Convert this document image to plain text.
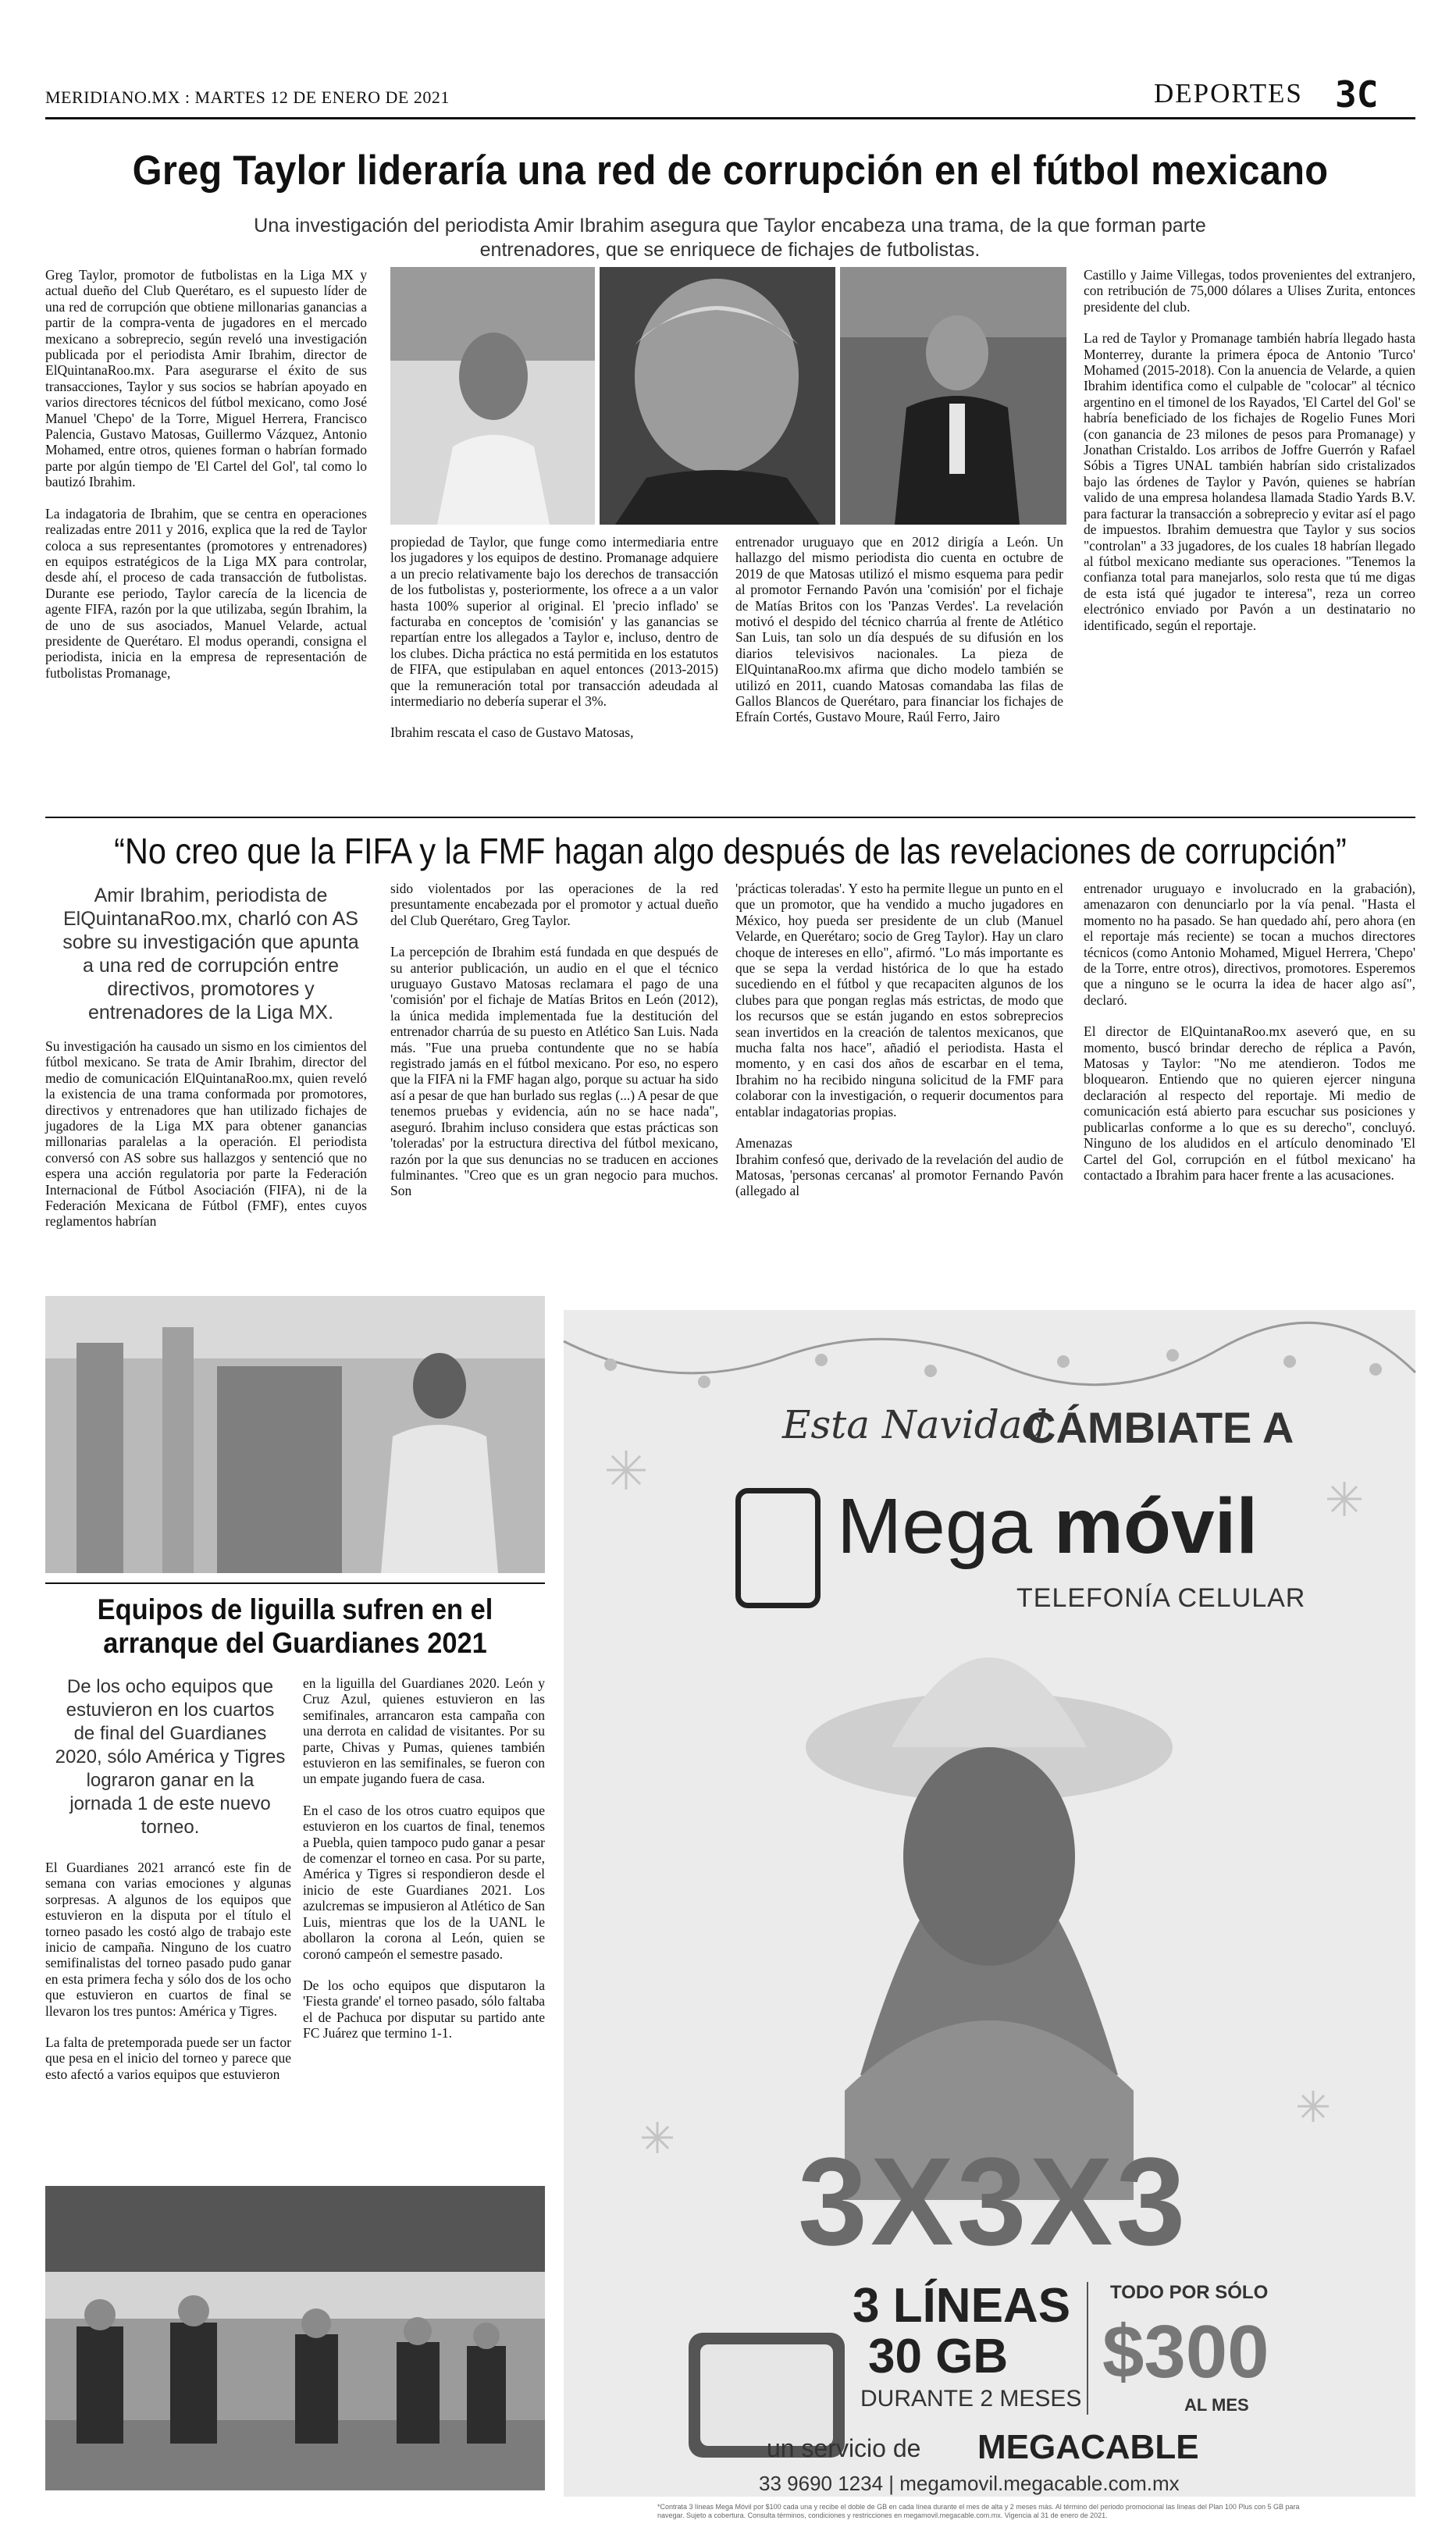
MERIDIANO.MX : MARTES 12 DE ENERO DE 2021	DEPORTES 3C
Greg Taylor lideraría una red de corrupción en el fútbol mexicano
Una investigación del periodista Amir Ibrahim asegura que Taylor encabeza una trama, de la que forman parte entrenadores, que se enriquece de fichajes de futbolistas.

Greg Taylor, promotor de futbolistas en la Liga MX y actual dueño del Club Querétaro, es el supuesto líder de una red de corrupción que obtiene millonarias ganancias a partir de la compra-venta de jugadores en el mercado mexicano a sobreprecio, según reveló una investigación publicada por el periodista Amir Ibrahim, director de ElQuintanaRoo.mx. Para asegurarse el éxito de sus transacciones, Taylor y sus socios se habrían apoyado en varios directores técnicos del fútbol mexicano, como José Manuel 'Chepo' de la Torre, Miguel Herrera, Francisco Palencia, Gustavo Matosas, Guillermo Vázquez, Antonio Mohamed, entre otros, quienes forman o habrían formado parte por algún tiempo de 'El Cartel del Gol', tal como lo bautizó Ibrahim.

La indagatoria de Ibrahim, que se centra en operaciones realizadas entre 2011 y 2016, explica que la red de Taylor coloca a sus representantes (promotores y entrenadores) en equipos estratégicos de la Liga MX para controlar, desde ahí, el proceso de cada transacción de futbolistas. Durante ese periodo, Taylor carecía de la licencia de agente FIFA, razón por la que utilizaba, según Ibrahim, la de uno de sus asociados, Manuel Velarde, actual presidente de Querétaro. El modus operandi, consigna el periodista, inicia en la empresa de representación de futbolistas Promanage,

propiedad de Taylor, que funge como intermediaria entre los jugadores y los equipos de destino. Promanage adquiere a un precio relativamente bajo los derechos de transacción de los futbolistas y, posteriormente, los ofrece a a un valor hasta 100% superior al original. El 'precio inflado' se facturaba en conceptos de 'comisión' y las ganancias se repartían entre los allegados a Taylor e, incluso, dentro de los clubes. Dicha práctica no está permitida en los estatutos de FIFA, que estipulaban en aquel entonces (2013-2015) que la remuneración total por transacción adeudada al intermediario no debería superar el 3%.

Ibrahim rescata el caso de Gustavo Matosas,

entrenador uruguayo que en 2012 dirigía a León. Un hallazgo del mismo periodista dio cuenta en octubre de 2019 de que Matosas utilizó el mismo esquema para pedir al promotor Fernando Pavón una 'comisión' por el fichaje de Matías Britos con los 'Panzas Verdes'. La revelación motivó el despido del técnico charrúa al frente de Atlético San Luis, tan solo un día después de su difusión en los diarios televisivos nacionales. La pieza de ElQuintanaRoo.mx afirma que dicho modelo también se utilizó en 2011, cuando Matosas comandaba las filas de Gallos Blancos de Querétaro, para financiar los fichajes de Efraín Cortés, Gustavo Moure, Raúl Ferro, Jairo

Castillo y Jaime Villegas, todos provenientes del extranjero, con retribución de 75,000 dólares a Ulises Zurita, entonces presidente del club.

La red de Taylor y Promanage también habría llegado hasta Monterrey, durante la primera época de Antonio 'Turco' Mohamed (2015-2018). Con la anuencia de Velarde, a quien Ibrahim identifica como el culpable de "colocar" al técnico argentino en el timonel de los Rayados, 'El Cartel del Gol' se habría beneficiado de los fichajes de Rogelio Funes Mori (con ganancia de 23 milones de pesos para Promanage) y Jonathan Cristaldo. Los arribos de Joffre Guerrón y Rafael Sóbis a Tigres UNAL también habrían sido cristalizados bajo las órdenes de Taylor y Pavón, quienes se habrían valido de una empresa holandesa llamada Stadio Yards B.V. para facturar la transacción a sobreprecio y evitar así el pago de impuestos. Ibrahim demuestra que Taylor y sus socios "controlan" a 33 jugadores, de los cuales 18 habrían llegado al fútbol mexicano mediante sus operaciones. "Tenemos la confianza total para manejarlos, solo resta que tú me digas de esta istá qué jugador te interesa", reza un correo electrónico enviado por Pavón a un destinatario no identificado, según el reportaje.

“No creo que la FIFA y la FMF hagan algo después de las revelaciones de corrupción”
Amir Ibrahim, periodista de ElQuintanaRoo.mx, charló con AS sobre su investigación que apunta a una red de corrupción entre directivos, promotores y entrenadores de la Liga MX.

Su investigación ha causado un sismo en los cimientos del fútbol mexicano. Se trata de Amir Ibrahim, director del medio de comunicación ElQuintanaRoo.mx, quien reveló la existencia de una trama conformada por promotores, directivos y entrenadores que han utilizado fichajes de jugadores de la Liga MX para obtener ganancias millonarias paralelas a la operación. El periodista conversó con AS sobre sus hallazgos y sentenció que no espera una acción regulatoria por parte la Federación Internacional de Fútbol Asociación (FIFA), ni de la Federación Mexicana de Fútbol (FMF), entes cuyos reglamentos habrían

sido violentados por las operaciones de la red presuntamente encabezada por el promotor y actual dueño del Club Querétaro, Greg Taylor.

La percepción de Ibrahim está fundada en que después de su anterior publicación, un audio en el que el técnico uruguayo Gustavo Matosas reclamara el pago de una 'comisión' por el fichaje de Matías Britos en León (2012), la única medida implementada fue la destitución del entrenador charrúa de su puesto en Atlético San Luis. Nada más. "Fue una prueba contundente que no se había registrado jamás en el fútbol mexicano. Por eso, no espero que la FIFA ni la FMF hagan algo, porque su actuar ha sido así a pesar de que han burlado sus reglas (...) A pesar de que tenemos pruebas y evidencia, aún no se hace nada", aseguró. Ibrahim incluso considera que estas prácticas son 'toleradas' por la estructura directiva del fútbol mexicano, razón por la que sus denuncias no se traducen en acciones fulminantes. "Creo que es un gran negocio para muchos. Son

'prácticas toleradas'. Y esto ha permite llegue un punto en el que un promotor, que ha vendido a mucho jugadores en México, hoy pueda ser presidente de un club (Manuel Velarde, en Querétaro; socio de Greg Taylor). Hay un claro choque de intereses en ello", afirmó. "Lo más importante es que se sepa la verdad histórica de lo que ha estado sucediendo en el fútbol y que recapaciten algunos de los clubes para que pongan reglas más estrictas, de modo que los recursos que se están jugando en estos sobreprecios sean invertidos en la creación de talentos mexicanos, que mucha falta nos hace", añadió el periodista. Hasta el momento, y en casi dos años de escarbar en el tema, Ibrahim no ha recibido ninguna solicitud de la FMF para colaborar con la investigación, o requerir documentos para entablar indagatorias propias.

Amenazas
Ibrahim confesó que, derivado de la revelación del audio de Matosas, 'personas cercanas' al promotor Fernando Pavón (allegado al

entrenador uruguayo e involucrado en la grabación), amenazaron con denunciarlo por la vía penal. "Hasta el momento no ha pasado. Se han quedado ahí, pero ahora (en el reportaje más reciente) se tocan a muchos directores técnicos (como Antonio Mohamed, Miguel Herrera, 'Chepo' de la Torre, entre otros), directivos, promotores. Esperemos que a ninguno se le ocurra la idea de hacer algo así", declaró.

El director de ElQuintanaRoo.mx aseveró que, en su momento, buscó brindar derecho de réplica a Pavón, Matosas y Taylor: "No me atendieron. Todos me bloquearon. Entiendo que no quieren ejercer ninguna declaración al respecto del reportaje. Mi medio de comunicación está abierto para escuchar sus posiciones y publicarlas conforme a lo que es su derecho", concluyó. Ninguno de los aludidos en el artículo denominado 'El Cartel del Gol, corrupción en el fútbol mexicano' ha contactado a Ibrahim para hacer frente a las acusaciones.

Equipos de liguilla sufren en el arranque del Guardianes 2021
De los ocho equipos que estuvieron en los cuartos de final del Guardianes 2020, sólo América y Tigres lograron ganar en la jornada 1 de este nuevo torneo.

El Guardianes 2021 arrancó este fin de semana con varias emociones y algunas sorpresas. A algunos de los equipos que estuvieron en la disputa por el título el torneo pasado les costó algo de trabajo este inicio de campaña. Ninguno de los cuatro semifinalistas del torneo pasado pudo ganar en esta primera fecha y sólo dos de los ocho que estuvieron en cuartos de final se llevaron los tres puntos: América y Tigres.

La falta de pretemporada puede ser un factor que pesa en el inicio del torneo y parece que esto afectó a varios equipos que estuvieron

en la liguilla del Guardianes 2020. León y Cruz Azul, quienes estuvieron en las semifinales, arrancaron esta campaña con una derrota en calidad de visitantes. Por su parte, Chivas y Pumas, quienes también estuvieron en las semifinales, se fueron con un empate jugando fuera de casa.

En el caso de los otros cuatro equipos que estuvieron en los cuartos de final, tenemos a Puebla, quien tampoco pudo ganar a pesar de comenzar el torneo en casa. Por su parte, América y Tigres si respondieron desde el inicio de este Guardianes 2021. Los azulcremas se impusieron al Atlético de San Luis, mientras que los de la UANL le abollaron la corona al León, quien se coronó campeón el semestre pasado.

De los ocho equipos que disputaron la 'Fiesta grande' el torneo pasado, sólo faltaba el de Pachuca por disputar su partido ante FC Juárez que termino 1-1.

Esta Navidad
CÁMBIATE A
Mega móvil
TELEFONÍA CELULAR
3X3X3
3 LÍNEAS
30 GB
DURANTE 2 MESES
TODO POR SÓLO
$300
AL MES
un servicio de MEGACABLE
33 9690 1234 | megamovil.megacable.com.mx
*Contrata 3 líneas Mega Móvil por $100 cada una y recibe el doble de GB en cada línea durante el mes de alta y 2 meses más. Al término del periodo promocional las líneas del Plan 100 Plus con 5 GB para navegar. Sujeto a cobertura. Consulta términos, condiciones y restricciones en megamovil.megacable.com.mx. Vigencia al 31 de enero de 2021.
